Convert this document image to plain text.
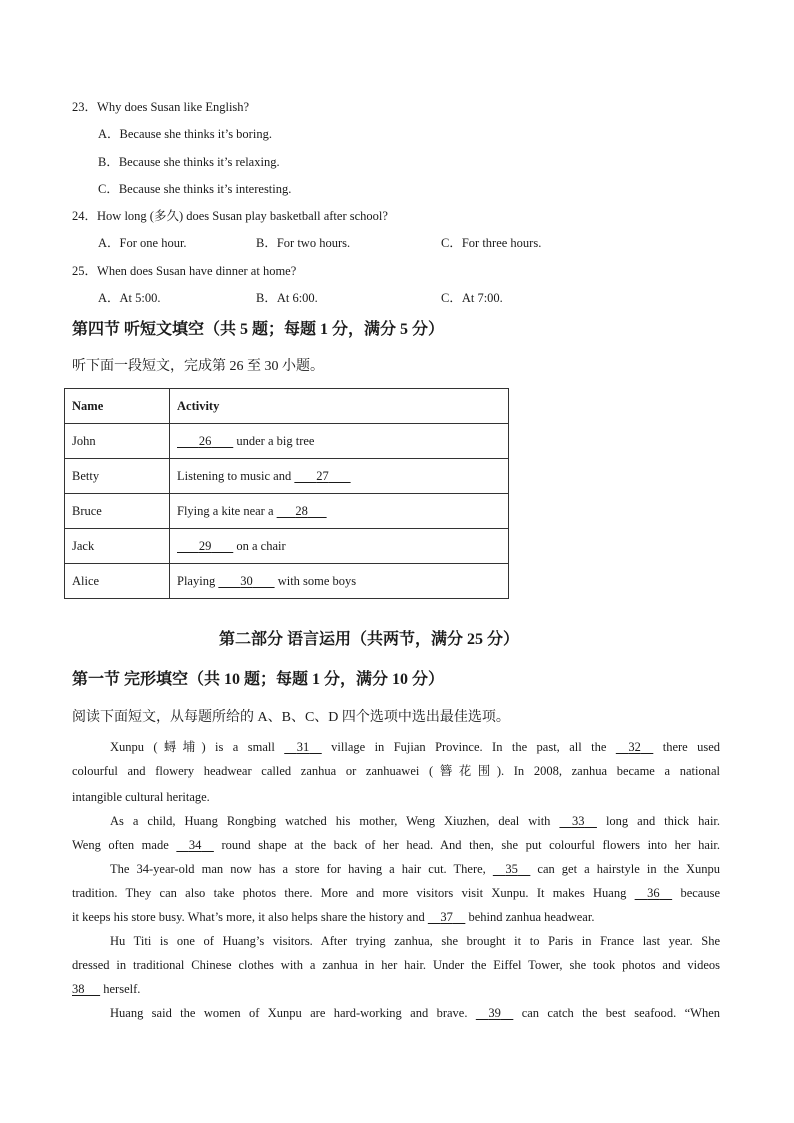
23．Why does Susan like English?
A．Because she thinks it’s boring.
B．Because she thinks it’s relaxing.
C．Because she thinks it’s interesting.
24．How long (多久) does Susan play basketball after school?
A．For one hour.	B．For two hours.	C．For three hours.
25．When does Susan have dinner at home?
A．At 5:00.	B．At 6:00.	C．At 7:00.
第四节 听短文填空（共 5 题；每题 1 分，满分 5 分）
听下面一段短文，完成第 26 至 30 小题。
Name	Activity
John	26 under a big tree
Betty	Listening to music and 27
Bruce	Flying a kite near a 28
Jack	29 on a chair
Alice	Playing 30 with some boys
第二部分 语言运用（共两节，满分 25 分）
第一节 完形填空（共 10 题；每题 1 分，满分 10 分）
阅读下面短文，从每题所给的 A、B、C、D 四个选项中选出最佳选项。
Xunpu (蟳埔) is a small 31 village in Fujian Province. In the past, all the 32 there used
colourful and flowery headwear called zanhua or zanhuawei (簪花围). In 2008, zanhua became a national
intangible cultural heritage.
As a child, Huang Rongbing watched his mother, Weng Xiuzhen, deal with 33 long and thick hair.
Weng often made 34 round shape at the back of her head. And then, she put colourful flowers into her hair.
The 34-year-old man now has a store for having a hair cut. There, 35 can get a hairstyle in the Xunpu
tradition. They can also take photos there. More and more visitors visit Xunpu. It makes Huang 36 because
it keeps his store busy. What’s more, it also helps share the history and 37 behind zanhua headwear.
Hu Titi is one of Huang’s visitors. After trying zanhua, she brought it to Paris in France last year. She
dressed in traditional Chinese clothes with a zanhua in her hair. Under the Eiffel Tower, she took photos and videos
38 herself.
Huang said the women of Xunpu are hard-working and brave. 39 can catch the best seafood. “When
